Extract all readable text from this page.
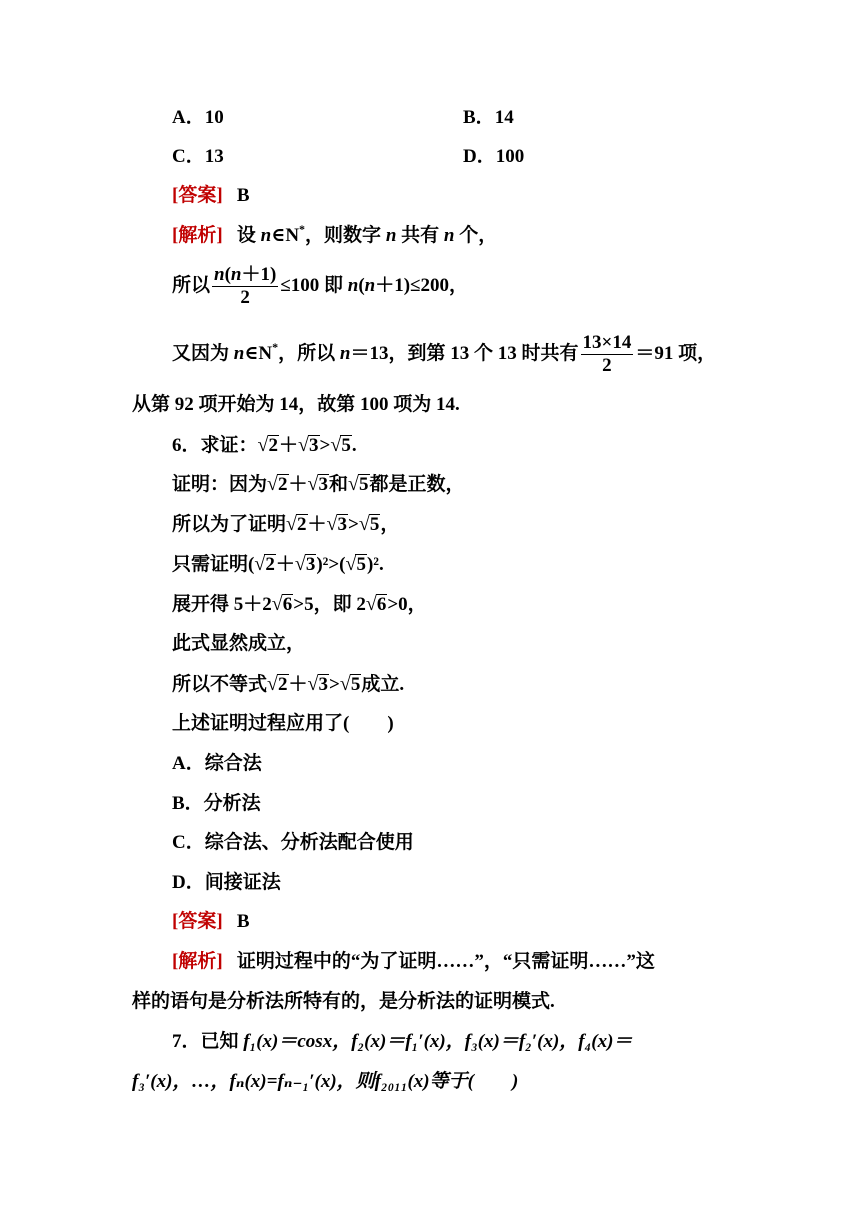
A．10	B．14
C．13	D．100
[答案] B
[解析] 设 n∈N*，则数字 n 共有 n 个，
所以 $\frac{n(n+1)}{2} \le 100$ 即 n(n＋1)≤200，
又因为 n∈N*，所以 n＝13，到第 13 个 13 时共有 $\frac{13\times 14}{2} =91$ 项，
从第 92 项开始为 14，故第 100 项为 14.
6．求证： √ 2 ＋ √ 3 > √ 5 .
证明：因为 √ 2 ＋ √ 3 和 √ 5 都是正数，
所以为了证明 √ 2 ＋ √ 3 > √ 5 ，
只需证明( √ 2 ＋ √ 3 )²>( √ 5 )².
展开得 5＋2 √ 6 >5，即 2 √ 6 >0，
此式显然成立，
所以不等式 √ 2 ＋ √ 3 > √ 5 成立.
上述证明过程应用了(　　)
A．综合法
B．分析法
C．综合法、分析法配合使用
D．间接证法
[答案] B
[解析] 证明过程中的“为了证明……”，“只需证明……”这
样的语句是分析法所特有的，是分析法的证明模式.
7．已知 f₁(x)＝cosx，f₂(x)＝f₁′(x)，f₃(x)＝f₂′(x)，f₄(x)＝
f₃′(x)，…，fₙ(x)=fₙ₋₁′(x)，则f₂₀₁₁(x)等于(　　)
